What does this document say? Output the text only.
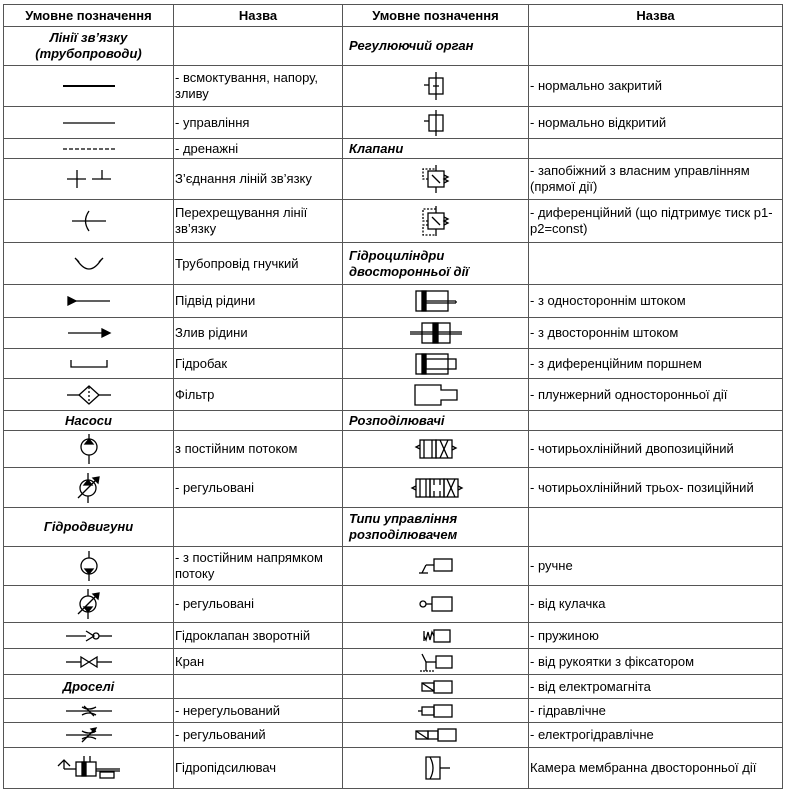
Умовне позначення	Назва	Умовне позначення	Назва
Лінії зв’язку (трубопроводи)		Регулюючий орган	

	- всмоктування, напору, зливу		- нормально закритий

	- управління		- нормально відкритий

	- дренажні	Клапани	

	З’єднання ліній зв’язку		- запобіжний з власним управлінням (прямої дії)

	Перехрещування лінії зв’язку		- диференційний (що підтримує тиск p1-p2=const)

	Трубопровід гнучкий	Гідроциліндри двосторонньої дії	

	Підвід рідини		- з одностороннім штоком

	Злив рідини		- з двостороннім штоком

	Гідробак		- з диференційним поршнем

	Фільтр		- плунжерний односторонньої дії
Насоси		Розподілювачі	

	з постійним потоком		- чотирьохлінійний двопозиційний

	- регульовані		- чотирьохлінійний трьох- позиційний
Гідродвигуни		Типи управління розподілювачем	

	- з постійним напрямком потоку		- ручне

	- регульовані		- від кулачка

	Гідроклапан зворотній		- пружиною

	Кран		- від рукоятки з фіксатором
Дроселі			- від електромагніта

	- нерегульований		- гідравлічне

	- регульований		- електрогідравлічне

	Гідропідсилювач		Камера мембранна двосторонньої дії
